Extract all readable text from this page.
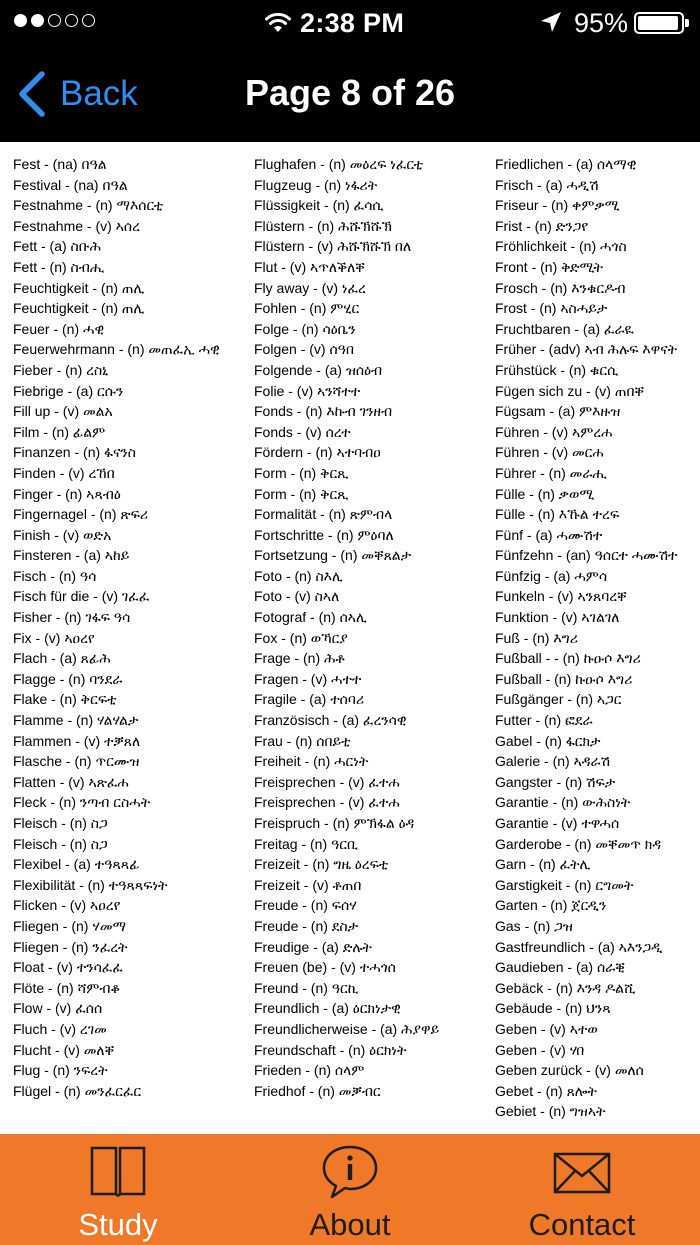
2:38 PM	95%
Back	Page 8 of 26
Fest - (na) በዓል
Festival - (na) በዓል
Festnahme - (n) ማእሰርቲ
Festnahme - (v) ኣሰረ
Fett - (a) ስቡሕ
Fett - (n) ስብሒ
Feuchtigkeit - (n) ጠሊ
Feuchtigkeit - (n) ጠሊ
Feuer - (n) ሓዊ
Feuerwehrmann - (n) መጠፈኢ ሓዊ
Fieber - (n) ረስኒ
Fiebrige - (a) ርሱን
Fill up - (v) መልአ
Film - (n) ፊልም
Finanzen - (n) ፋናንስ
Finden - (v) ረኸበ
Finger - (n) ኣጻብዕ
Fingernagel - (n) ጽፍሪ
Finish - (v) ወድአ
Finsteren - (a) ኣከይ
Fisch - (n) ዓሳ
Fisch für die - (v) ገፈፈ
Fisher - (n) ገፋፍ ዓሳ
Fix - (v) ኣዐረየ
Flach - (a) ጸፊሕ
Flagge - (n) ባንደራ
Flake - (n) ቅርፍቲ
Flamme - (n) ሃልሃልታ
Flammen - (v) ተቓጸለ
Flasche - (n) ጥርሙዝ
Flatten - (v) ኣጽፈሐ
Fleck - (n) ንጣብ ርስሓት
Fleisch - (n) ስጋ
Fleisch - (n) ስጋ
Flexibel - (a) ተዓጻጻፊ
Flexibilität - (n) ተዓጻጻፍነት
Flicken - (v) ኣዐረየ
Fliegen - (n) ሃመማ
Fliegen - (n) ንፈረት
Float - (v) ተንሳፈፈ
Flöte - (n) ሻምብቆ
Flow - (v) ፈሰሰ
Fluch - (v) ረገመ
Flucht - (v) መለቐ
Flug - (n) ንፍረት
Flügel - (n) መንፈርፈር
Flughafen - (n) መዕረፍ ነፈርቲ
Flugzeug - (n) ነፋሪት
Flüssigkeit - (n) ፈሳሲ
Flüstern - (n) ሕሹኽሹኽ
Flüstern - (v) ሕሹኽሹኽ በለ
Flut - (v) ኣጥለቕለቐ
Fly away - (v) ነፈረ
Fohlen - (n) ምሂር
Folge - (n) ሳዕቤን
Folgen - (v) ሰዓበ
Folgende - (a) ዝሰዕብ
Folie - (v) ኣንሻተተ
Fonds - (n) እኩብ ገንዘብ
Fonds - (v) ሰረተ
Fördern - (n) ኣተባብዐ
Form - (n) ቅርጺ
Form - (n) ቅርጺ
Formalität - (n) ጽምብላ
Fortschritte - (n) ምዕባለ
Fortsetzung - (n) መቐጸልታ
Foto - (n) ስእሊ
Foto - (v) ስኣለ
Fotograf - (n) ሰኣሊ
Fox - (n) ወኻርያ
Frage - (n) ሕቶ
Fragen - (v) ሓተተ
Fragile - (a) ተሰባሪ
Französisch - (a) ፈረንሳዊ
Frau - (n) ሰበይቲ
Freiheit - (n) ሓርነት
Freisprechen - (v) ፈተሐ
Freisprechen - (v) ፈተሐ
Freispruch - (n) ምኽፋል ዕዳ
Freitag - (n) ዓርቢ
Freizeit - (n) ግዜ ዕረፍቲ
Freizeit - (v) ቶጠበ
Freude - (n) ፍሰሃ
Freude - (n) ደስታ
Freudige - (a) ድሉት
Freuen (be) - (v) ተሓጎሰ
Freund - (n) ዓርኪ
Freundlich - (a) ዕርክነታዊ
Freundlicherweise - (a) ሕያዋይ
Freundschaft - (n) ዕርክነት
Frieden - (n) ሰላም
Friedhof - (n) መቓብር
Friedlichen - (a) ሰላማዊ
Frisch - (a) ሓዲሽ
Friseur - (n) ቀምቃሚ
Frist - (n) ድንጋየ
Fröhlichkeit - (n) ሓጎስ
Front - (n) ቅድሚት
Frosch - (n) እንቁርዶብ
Frost - (n) ኣስሓይታ
Fruchtbaren - (a) ፈራዪ
Früher - (adv) ኣብ ሕሉፍ እዋናት
Frühstück - (n) ቁርሲ
Fügen sich zu - (v) ጠበቐ
Fügsam - (a) ምእዙዝ
Führen - (v) ኣምረሐ
Führen - (v) መርሐ
Führer - (n) መራሒ
Fülle - (n) ቃወሚ
Fülle - (n) እኹል ተረፍ
Fünf - (a) ሓሙሽተ
Fünfzehn - (an) ዓሰርተ ሓሙሽተ
Fünfzig - (a) ሓምሳ
Funkeln - (v) ኣንጸባረቐ
Funktion - (v) ኣገልገለ
Fuß - (n) እግሪ
Fußball - - (n) ኩዑሶ እግሪ
Fußball - (n) ኩዑሶ እግሪ
Fußgänger - (n) ኣጋር
Futter - (n) ፎደራ
Gabel - (n) ፋርክታ
Galerie - (n) ኣዳራሽ
Gangster - (n) ሽፍታ
Garantie - (n) ውሕስነት
Garantie - (v) ተዋሓሰ
Garderobe - (n) መቐመጥ ክዳ
Garn - (n) ፈትሊ
Garstigkeit - (n) ርግመት
Garten - (n) ጀርዲን
Gas - (n) ጋዝ
Gastfreundlich - (a) ኣእንጋዲ
Gaudieben - (a) ሰራቒ
Gebäck - (n) እንዳ ዶልሺ
Gebäude - (n) ህንጻ
Geben - (v) ኣተወ
Geben - (v) ሃበ
Geben zurück - (v) መለሰ
Gebet - (n) ጸሎት
Gebiet - (n) ግዝኣት
Study	About	Contact
